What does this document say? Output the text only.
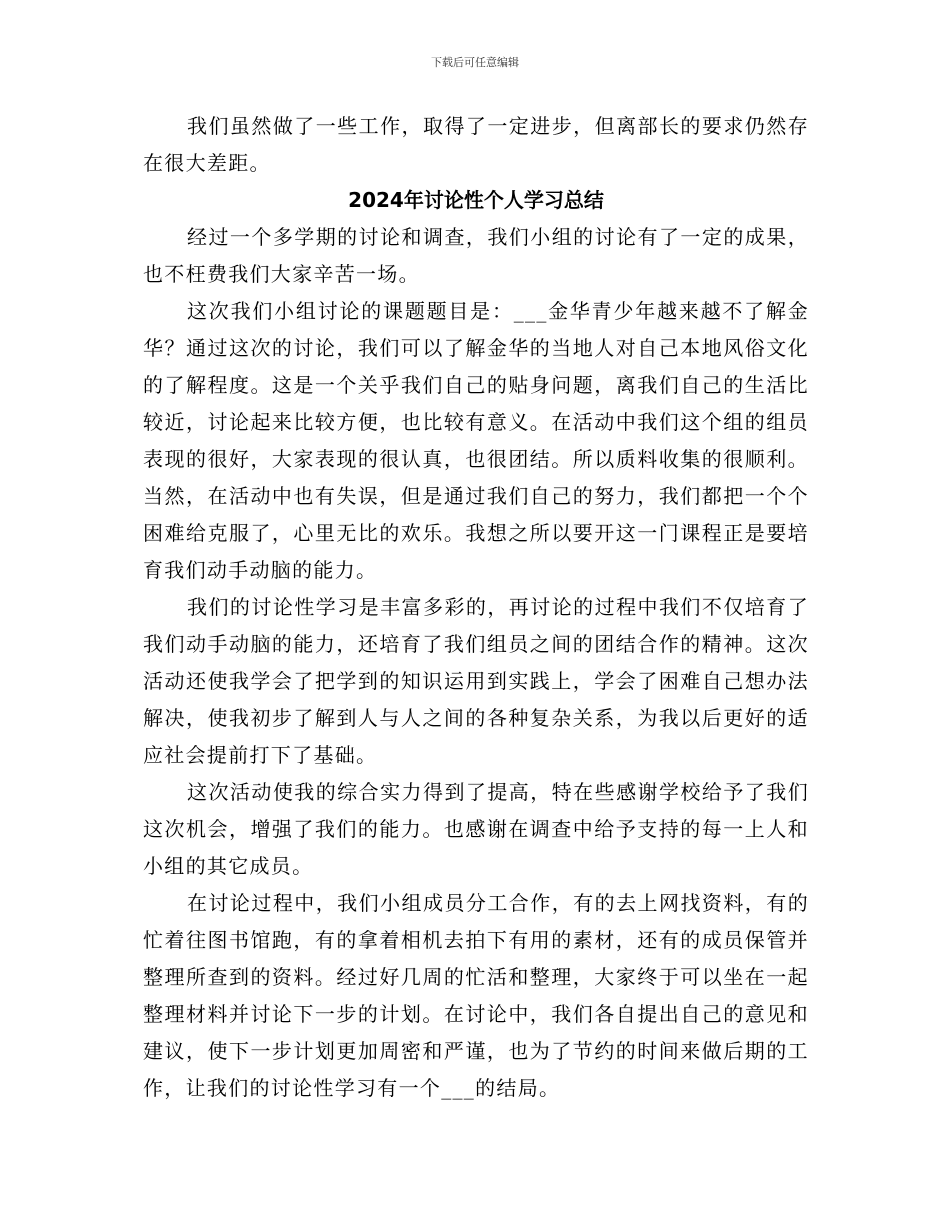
下载后可任意编辑

我们虽然做了一些工作，取得了一定进步，但离部长的要求仍然存在很大差距。

2024年讨论性个人学习总结

经过一个多学期的讨论和调查，我们小组的讨论有了一定的成果，也不枉费我们大家辛苦一场。

这次我们小组讨论的课题题目是：___金华青少年越来越不了解金华？通过这次的讨论，我们可以了解金华的当地人对自己本地风俗文化的了解程度。这是一个关乎我们自己的贴身问题，离我们自己的生活比较近，讨论起来比较方便，也比较有意义。在活动中我们这个组的组员表现的很好，大家表现的很认真，也很团结。所以质料收集的很顺利。当然，在活动中也有失误，但是通过我们自己的努力，我们都把一个个困难给克服了，心里无比的欢乐。我想之所以要开这一门课程正是要培育我们动手动脑的能力。

我们的讨论性学习是丰富多彩的，再讨论的过程中我们不仅培育了我们动手动脑的能力，还培育了我们组员之间的团结合作的精神。这次活动还使我学会了把学到的知识运用到实践上，学会了困难自己想办法解决，使我初步了解到人与人之间的各种复杂关系，为我以后更好的适应社会提前打下了基础。

这次活动使我的综合实力得到了提高，特在些感谢学校给予了我们这次机会，增强了我们的能力。也感谢在调查中给予支持的每一上人和小组的其它成员。

在讨论过程中，我们小组成员分工合作，有的去上网找资料，有的忙着往图书馆跑，有的拿着相机去拍下有用的素材，还有的成员保管并整理所查到的资料。经过好几周的忙活和整理，大家终于可以坐在一起整理材料并讨论下一步的计划。在讨论中，我们各自提出自己的意见和建议，使下一步计划更加周密和严谨，也为了节约的时间来做后期的工作，让我们的讨论性学习有一个___的结局。
